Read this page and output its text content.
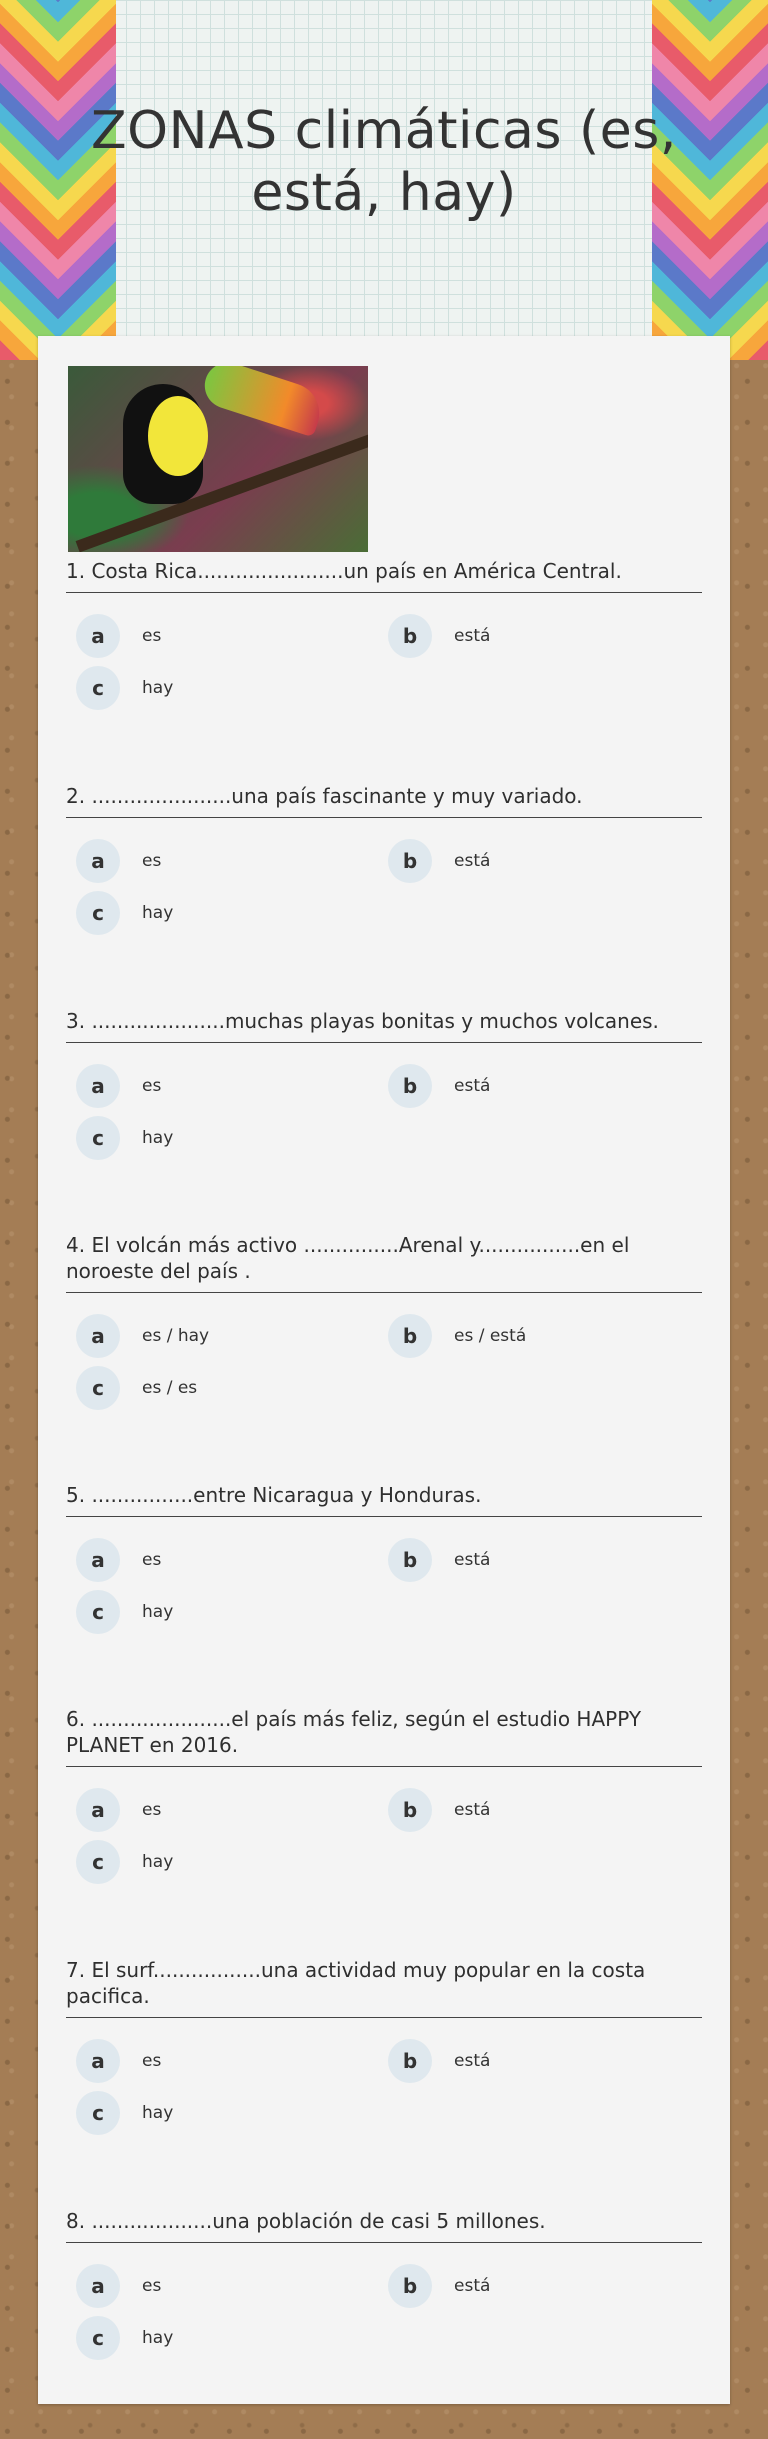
ZONAS climáticas (es, está, hay)
1. Costa Rica.......................un país en América Central.
a	es	b	está
c	hay
2. ......................una país fascinante y muy variado.
a	es	b	está
c	hay
3. .....................muchas playas bonitas y muchos volcanes.
a	es	b	está
c	hay
4. El volcán más activo ...............Arenal y................en el noroeste del país .
a	es / hay	b	es / está
c	es / es
5. ................entre Nicaragua y Honduras.
a	es	b	está
c	hay
6. ......................el país más feliz, según el estudio HAPPY PLANET en 2016.
a	es	b	está
c	hay
7. El surf.................una actividad muy popular en la costa pacifica.
a	es	b	está
c	hay
8. ...................una población de casi 5 millones.
a	es	b	está
c	hay
